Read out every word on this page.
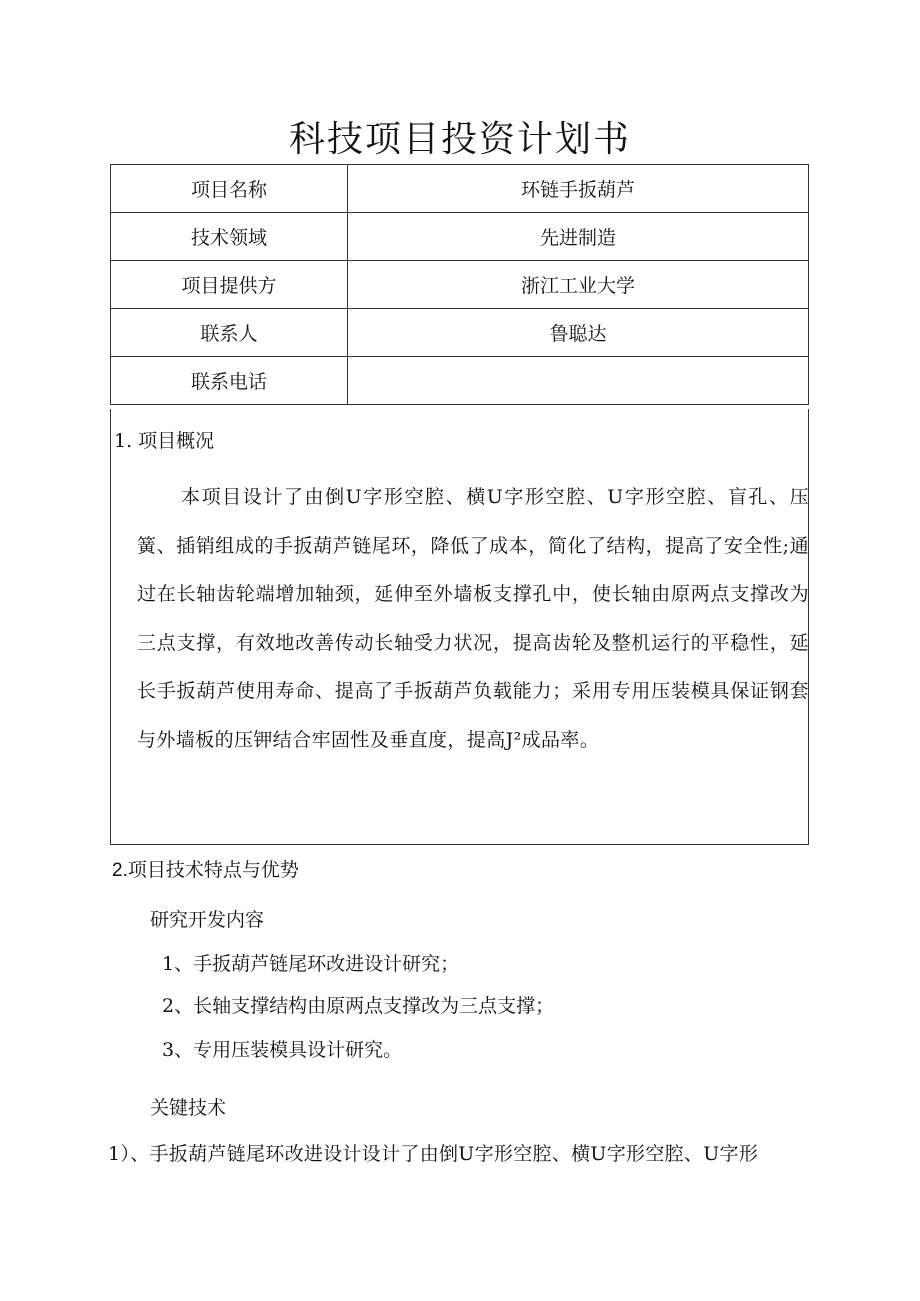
科技项目投资计划书
项目名称	环链手扳葫芦
技术领域	先进制造
项目提供方	浙江工业大学
联系人	鲁聪达
联系电话	
1. 项目概况
本项目设计了由倒U字形空腔、横U字形空腔、U字形空腔、盲孔、压簧、插销组成的手扳葫芦链尾环，降低了成本，简化了结构，提高了安全性;通过在长轴齿轮端增加轴颈，延伸至外墙板支撑孔中，使长轴由原两点支撑改为三点支撑，有效地改善传动长轴受力状况，提高齿轮及整机运行的平稳性，延长手扳葫芦使用寿命、提高了手扳葫芦负载能力；采用专用压装模具保证钢套与外墙板的压钾结合牢固性及垂直度，提高J²成品率。
2.项目技术特点与优势
研究开发内容
1、手扳葫芦链尾环改进设计研究；
2、长轴支撑结构由原两点支撑改为三点支撑；
3、专用压装模具设计研究。
关键技术
1）、手扳葫芦链尾环改进设计设计了由倒U字形空腔、横U字形空腔、U字形
